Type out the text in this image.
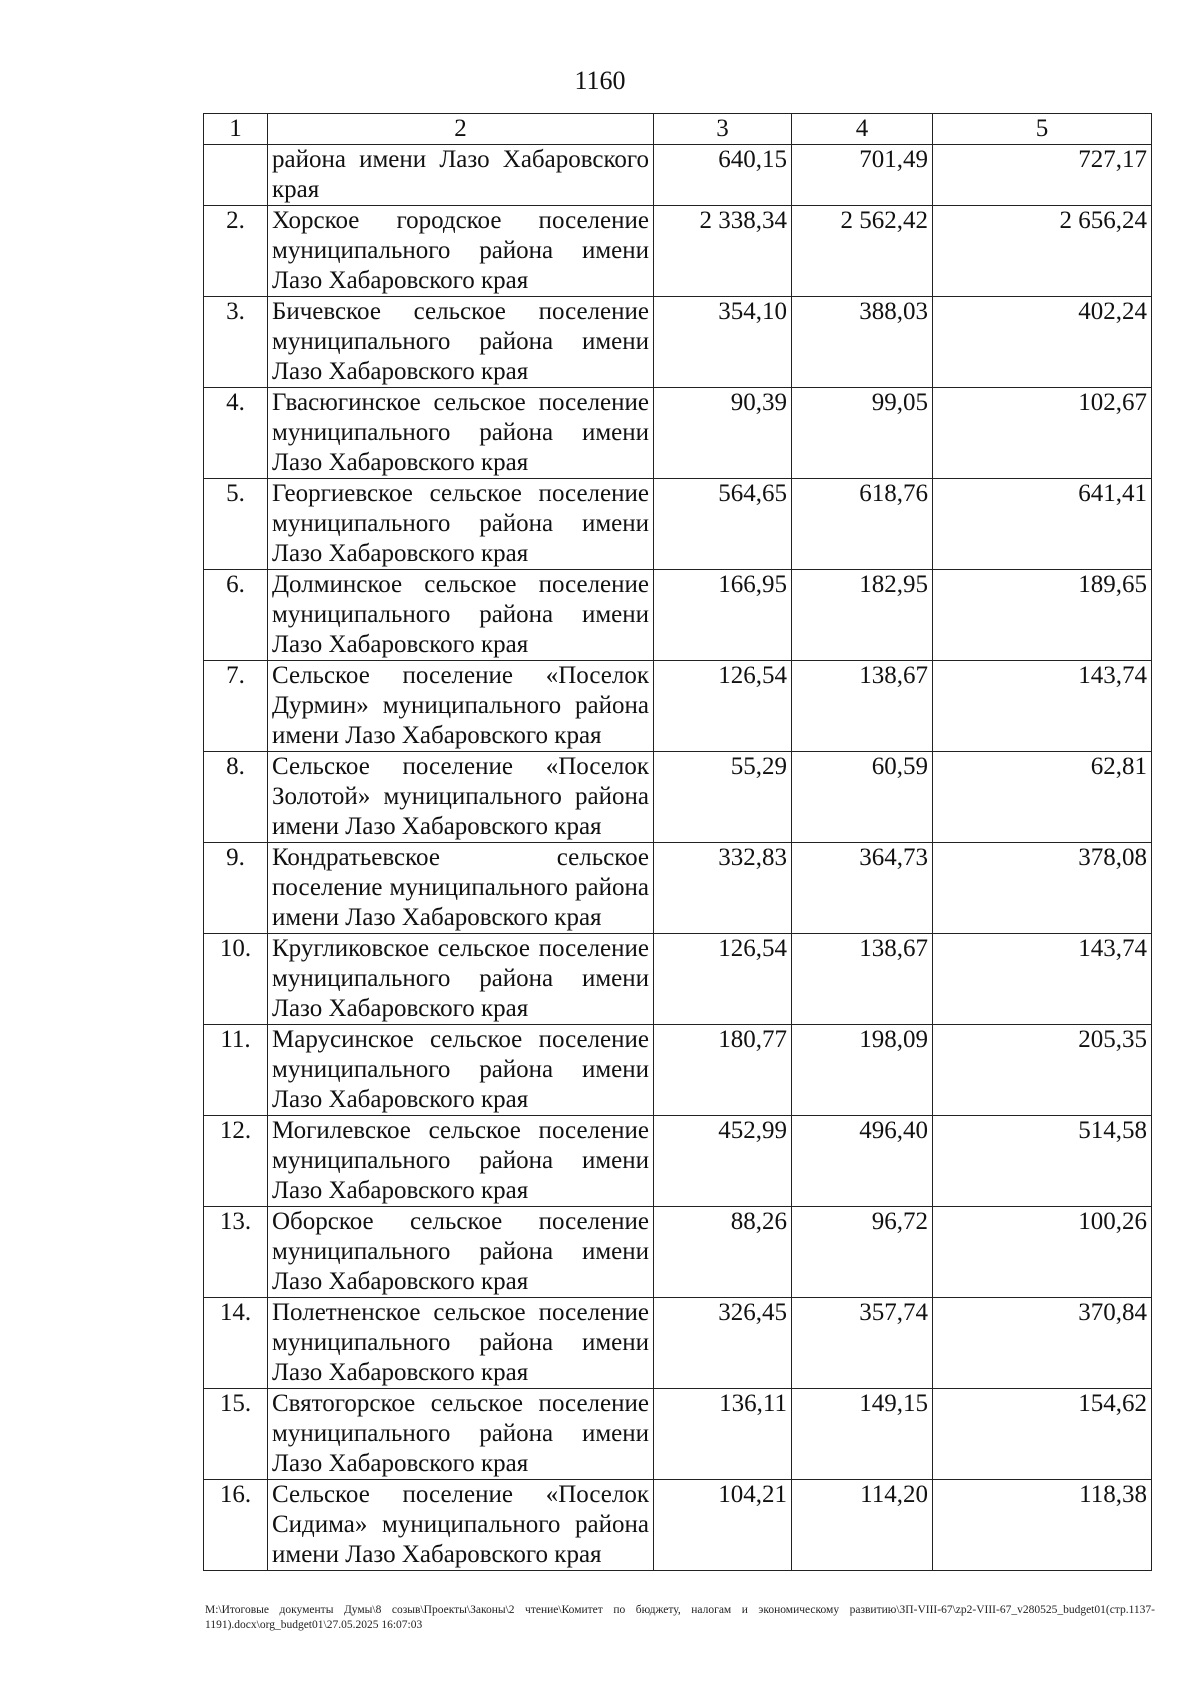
1160
1	2	3	4	5
	района имени Лазо Хабаровского края	640,15	701,49	727,17
2.	Хорское городское поселение муниципального района имени Лазо Хабаровского края	2 338,34	2 562,42	2 656,24
3.	Бичевское сельское поселение муниципального района имени Лазо Хабаровского края	354,10	388,03	402,24
4.	Гвасюгинское сельское поселение муниципального района имени Лазо Хабаровского края	90,39	99,05	102,67
5.	Георгиевское сельское поселение муниципального района имени Лазо Хабаровского края	564,65	618,76	641,41
6.	Долминское сельское поселение муниципального района имени Лазо Хабаровского края	166,95	182,95	189,65
7.	Сельское поселение «Поселок Дурмин» муниципального района имени Лазо Хабаровского края	126,54	138,67	143,74
8.	Сельское поселение «Поселок Золотой» муниципального района имени Лазо Хабаровского края	55,29	60,59	62,81
9.	Кондратьевское сельское поселение муниципального района имени Лазо Хабаровского края	332,83	364,73	378,08
10.	Кругликовское сельское поселение муниципального района имени Лазо Хабаровского края	126,54	138,67	143,74
11.	Марусинское сельское поселение муниципального района имени Лазо Хабаровского края	180,77	198,09	205,35
12.	Могилевское сельское поселение муниципального района имени Лазо Хабаровского края	452,99	496,40	514,58
13.	Оборское сельское поселение муниципального района имени Лазо Хабаровского края	88,26	96,72	100,26
14.	Полетненское сельское поселение муниципального района имени Лазо Хабаровского края	326,45	357,74	370,84
15.	Святогорское сельское поселение муниципального района имени Лазо Хабаровского края	136,11	149,15	154,62
16.	Сельское поселение «Поселок Сидима» муниципального района имени Лазо Хабаровского края	104,21	114,20	118,38
M:\Итоговые документы Думы\8 созыв\Проекты\Законы\2 чтение\Комитет по бюджету, налогам и экономическому развитию\ЗП-VIII-67\zp2-VIII-67_v280525_budget01(стр.1137-1191).docx\org_budget01\27.05.2025 16:07:03
